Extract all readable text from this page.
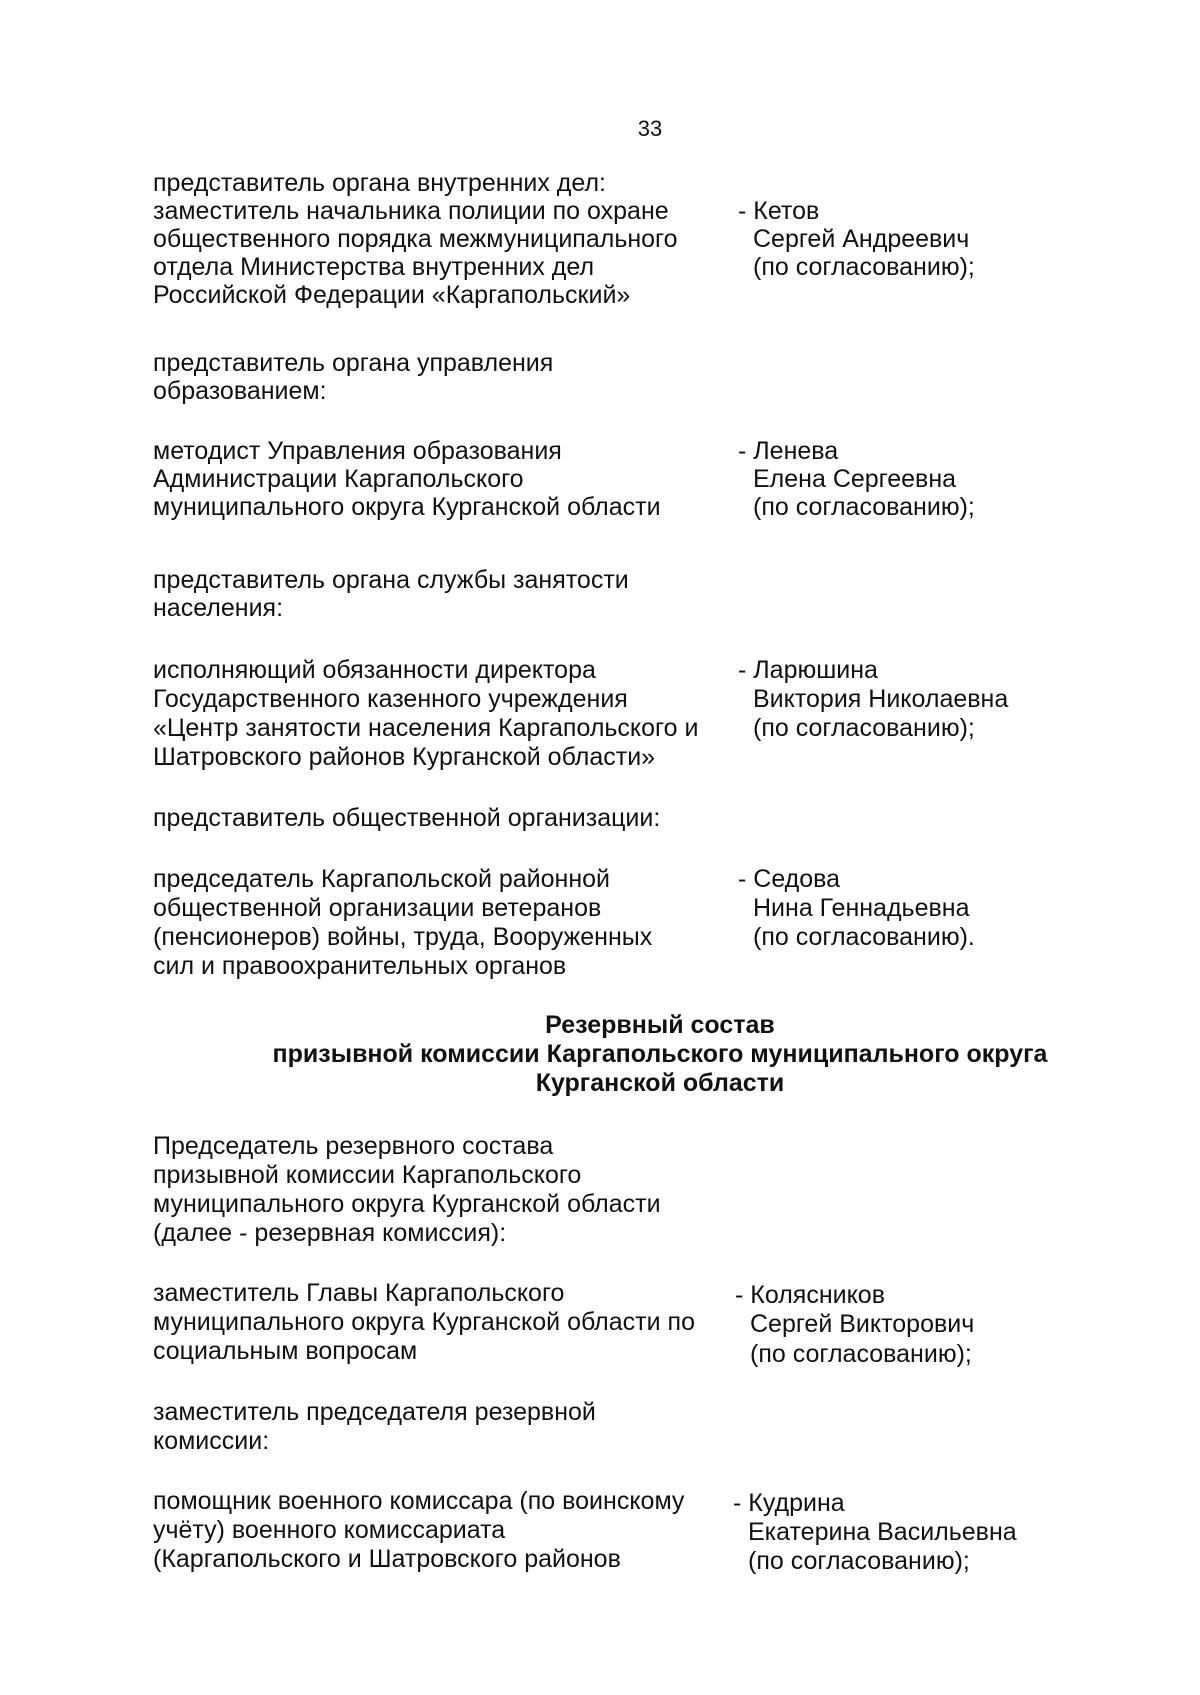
33
представитель органа внутренних дел:
заместитель начальника полиции по охране
общественного порядка межмуниципального
отдела Министерства внутренних дел
Российской Федерации «Каргапольский»
- Кетов
Сергей Андреевич
(по согласованию);
представитель органа управления
образованием:
методист Управления образования
Администрации Каргапольского
муниципального округа Курганской области
- Ленева
Елена Сергеевна
(по согласованию);
представитель органа службы занятости
населения:
исполняющий обязанности директора
Государственного казенного учреждения
«Центр занятости населения Каргапольского и
Шатровского районов Курганской области»
- Ларюшина
Виктория Николаевна
(по согласованию);
представитель общественной организации:
председатель Каргапольской районной
общественной организации ветеранов
(пенсионеров) войны, труда, Вооруженных
сил и правоохранительных органов
- Седова
Нина Геннадьевна
(по согласованию).
Резервный состав
призывной комиссии Каргапольского муниципального округа
Курганской области
Председатель резервного состава
призывной комиссии Каргапольского
муниципального округа Курганской области
(далее - резервная комиссия):
заместитель Главы Каргапольского
муниципального округа Курганской области по
социальным вопросам
- Колясников
Сергей Викторович
(по согласованию);
заместитель председателя резервной
комиссии:
помощник военного комиссара (по воинскому
учёту) военного комиссариата
(Каргапольского и Шатровского районов
- Кудрина
Екатерина Васильевна
(по согласованию);
